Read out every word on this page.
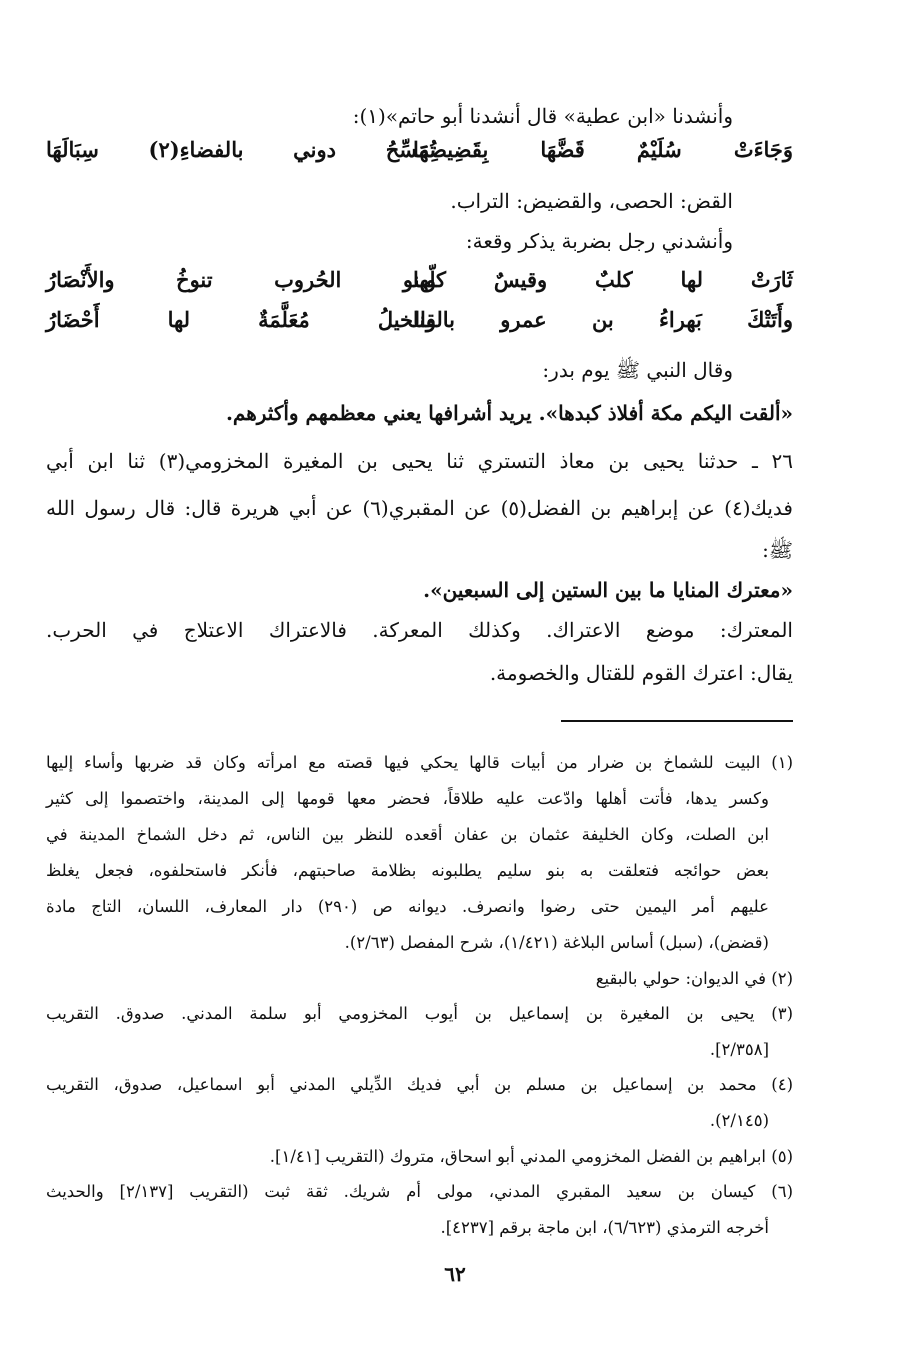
وأنشدنا «ابن عطية» قال أنشدنا أبو حاتم»(١):
وَجَاءَتْ سُلَيْمٌ قَضَّهَا بِقَضِيضِهَا
تُمَسِّحُ دوني بالفضاءِ(٢) سِبَالَهَا
القض: الحصى، والقضيض: التراب.
وأنشدني رجل بضربة يذكر وقعة:
ثَارَتْ لها كلبٌ وقيسٌ كلّها
وبنو الحُروب تنوخُ والأَنْصَارُ
وأَتَتْكَ بَهراءُ بن عمرو بالقنا
والخيلُ مُعَلَّمَةٌ لها أَحْضَارُ
وقال النبي ﷺ يوم بدر:
«ألقت اليكم مكة أفلاذ كبدها». يريد أشرافها يعني معظمهم وأكثرهم.
٢٦ ـ حدثنا يحيى بن معاذ التستري ثنا يحيى بن المغيرة المخزومي(٣) ثنا ابن أبي
فديك(٤) عن إبراهيم بن الفضل(٥) عن المقبري(٦) عن أبي هريرة قال: قال رسول الله
ﷺ:
«معترك المنايا ما بين الستين إلى السبعين».
المعترك: موضع الاعتراك. وكذلك المعركة. فالاعتراك الاعتلاج في الحرب.
يقال: اعترك القوم للقتال والخصومة.
(١) البيت للشماخ بن ضرار من أبيات قالها يحكي فيها قصته مع امرأته وكان قد ضربها وأساء إليها
وكسر يدها، فأتت أهلها وادّعت عليه طلاقاً، فحضر معها قومها إلى المدينة، واختصموا إلى كثير
ابن الصلت، وكان الخليفة عثمان بن عفان أقعده للنظر بين الناس، ثم دخل الشماخ المدينة في
بعض حوائجه فتعلقت به بنو سليم يطلبونه بظلامة صاحبتهم، فأنكر فاستحلفوه، فجعل يغلظ
عليهم أمر اليمين حتى رضوا وانصرف. ديوانه ص (٢٩٠) دار المعارف، اللسان، التاج مادة
(قضض)، (سبل) أساس البلاغة (١/٤٢١)، شرح المفصل (٢/٦٣).
(٢) في الديوان: حولي بالبقيع
(٣) يحيى بن المغيرة بن إسماعيل بن أيوب المخزومي أبو سلمة المدني. صدوق. التقريب
[٢/٣٥٨].
(٤) محمد بن إسماعيل بن مسلم بن أبي فديك الدِّيلي المدني أبو اسماعيل، صدوق، التقريب
(٢/١٤٥).
(٥) ابراهيم بن الفضل المخزومي المدني أبو اسحاق، متروك (التقريب [١/٤١].
(٦) كيسان بن سعيد المقبري المدني، مولى أم شريك. ثقة ثبت (التقريب [٢/١٣٧] والحديث
أخرجه الترمذي (٦/٦٢٣)، ابن ماجة برقم [٤٢٣٧].
٦٢
